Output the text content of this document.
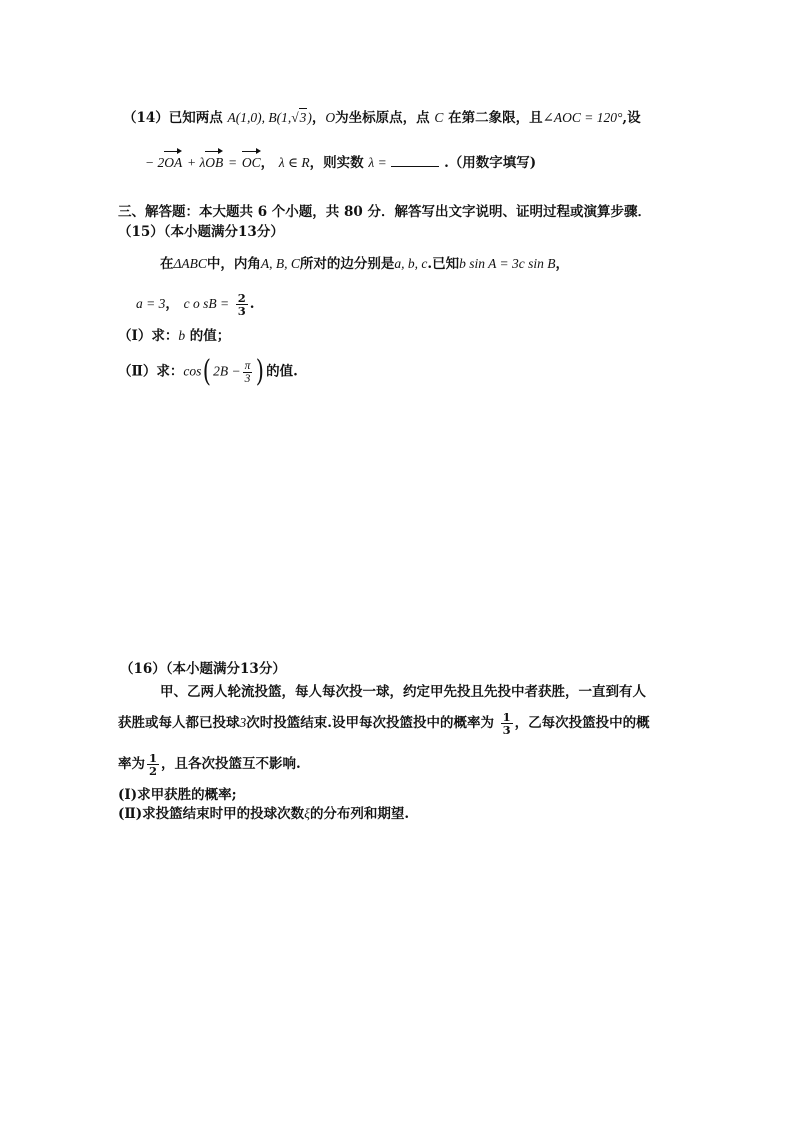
（14）已知两点 A(1,0), B(1,√3)，O为坐标原点，点 C 在第二象限，且∠AOC = 120°,设
− 2OA + λOB = OC， λ ∈ R，则实数 λ =	.（用数字填写)
三、解答题：本大题共 6 个小题，共 80 分．解答写出文字说明、证明过程或演算步骤．
（15）（本小题满分13分）
在ΔABC中，内角A, B, C所对的边分别是a, b, c.已知b sin A = 3c sin B，
a = 3， c o sB = $\frac{2}{3}$ .
（Ⅰ）求：b 的值；
（Ⅱ）求：cos( $2B - \frac{\pi}{3}$ ) 的值.
（16）（本小题满分13分）
甲、乙两人轮流投篮，每人每次投一球，约定甲先投且先投中者获胜，一直到有人
获胜或每人都已投球3次时投篮结束.设甲每次投篮投中的概率为 $\frac{1}{3}$ ，乙每次投篮投中的概
率为 $\frac{1}{2}$ ，且各次投篮互不影响.
(Ⅰ)求甲获胜的概率;
(Ⅱ)求投篮结束时甲的投球次数ξ的分布列和期望.
